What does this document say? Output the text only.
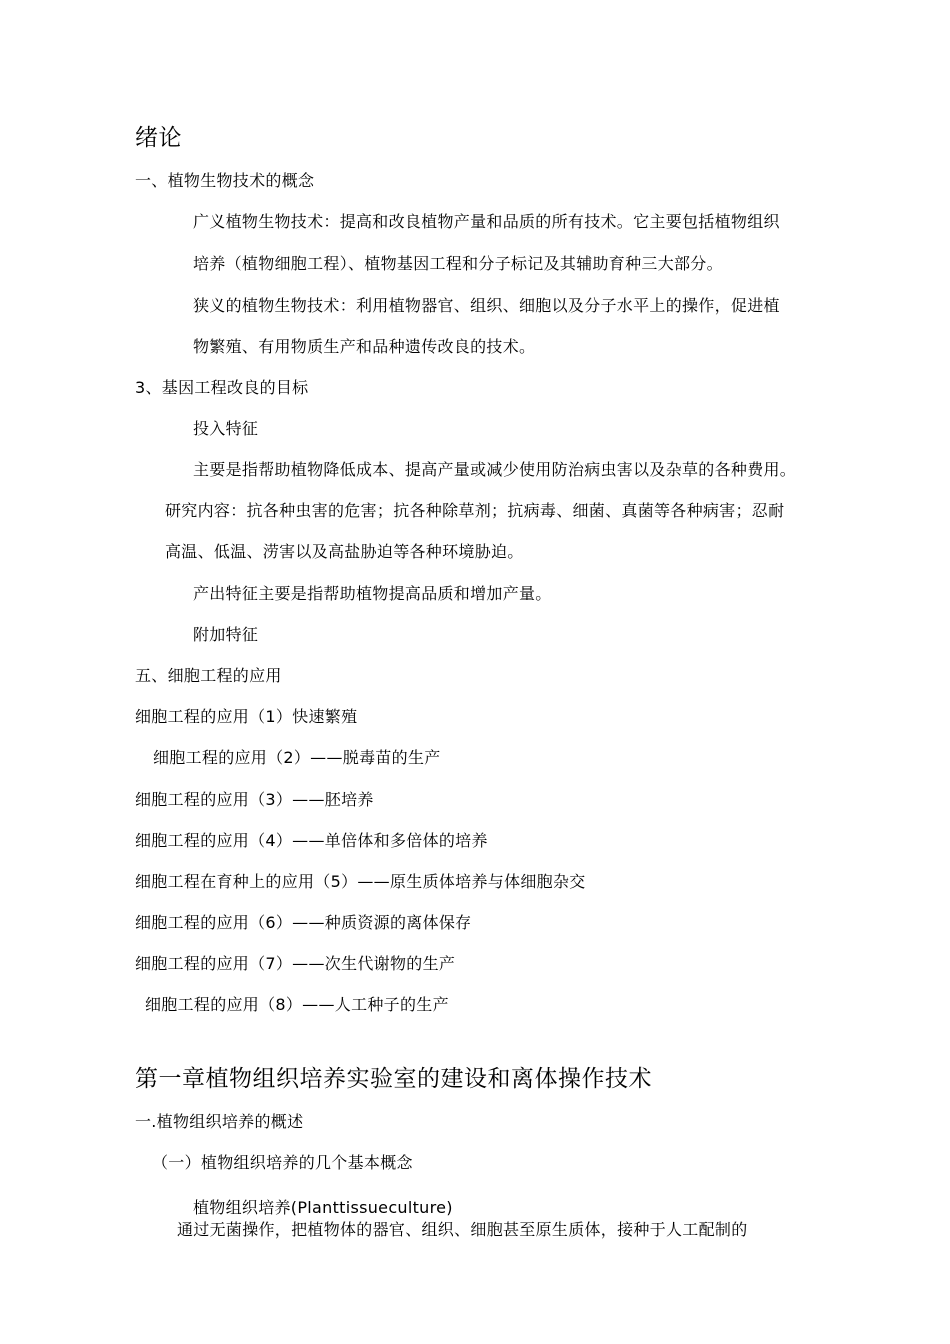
绪论
一、植物生物技术的概念
广义植物生物技术：提高和改良植物产量和品质的所有技术。它主要包括植物组织
培养（植物细胞工程）、植物基因工程和分子标记及其辅助育种三大部分。
狭义的植物生物技术：利用植物器官、组织、细胞以及分子水平上的操作，促进植
物繁殖、有用物质生产和品种遗传改良的技术。
3、基因工程改良的目标
投入特征
主要是指帮助植物降低成本、提高产量或减少使用防治病虫害以及杂草的各种费用。
研究内容：抗各种虫害的危害；抗各种除草剂；抗病毒、细菌、真菌等各种病害；忍耐
高温、低温、涝害以及高盐胁迫等各种环境胁迫。
产出特征主要是指帮助植物提高品质和增加产量。
附加特征
五、细胞工程的应用
细胞工程的应用（1）快速繁殖
细胞工程的应用（2）——脱毒苗的生产
细胞工程的应用（3）——胚培养
细胞工程的应用（4）——单倍体和多倍体的培养
细胞工程在育种上的应用（5）——原生质体培养与体细胞杂交
细胞工程的应用（6）——种质资源的离体保存
细胞工程的应用（7）——次生代谢物的生产
细胞工程的应用（8）——人工种子的生产
第一章植物组织培养实验室的建设和离体操作技术
一.植物组织培养的概述
（一）植物组织培养的几个基本概念
植物组织培养(Planttissueculture)
通过无菌操作，把植物体的器官、组织、细胞甚至原生质体，接种于人工配制的
